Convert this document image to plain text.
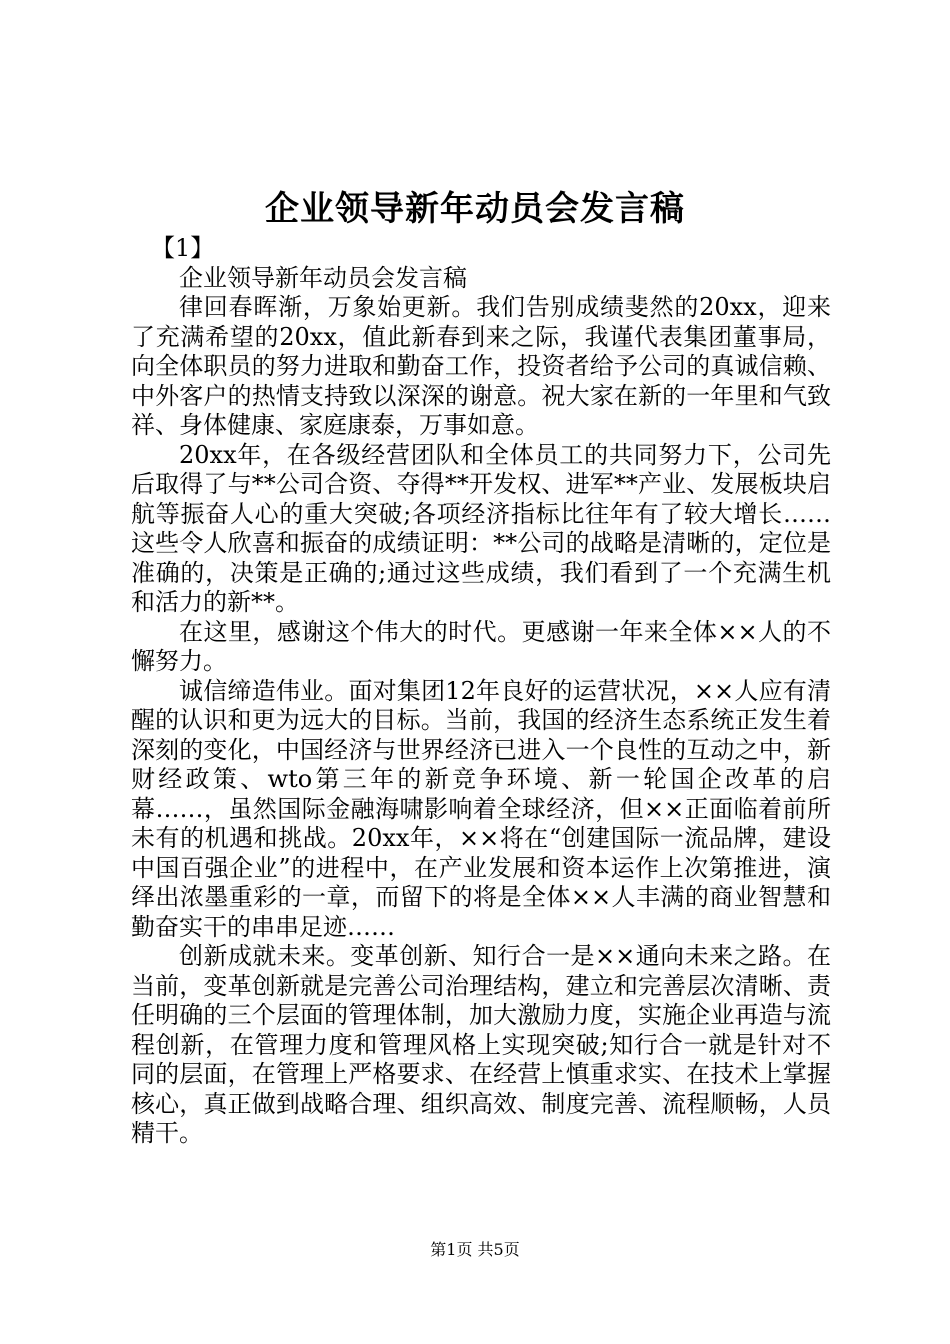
企业领导新年动员会发言稿

【1】

企业领导新年动员会发言稿

律回春晖渐，万象始更新。我们告别成绩斐然的20xx，迎来了充满希望的20xx，值此新春到来之际，我谨代表集团董事局，向全体职员的努力进取和勤奋工作，投资者给予公司的真诚信赖、中外客户的热情支持致以深深的谢意。祝大家在新的一年里和气致祥、身体健康、家庭康泰，万事如意。

20xx年，在各级经营团队和全体员工的共同努力下，公司先后取得了与**公司合资、夺得**开发权、进军**产业、发展板块启航等振奋人心的重大突破;各项经济指标比往年有了较大增长……这些令人欣喜和振奋的成绩证明：**公司的战略是清晰的，定位是准确的，决策是正确的;通过这些成绩，我们看到了一个充满生机和活力的新**。

在这里，感谢这个伟大的时代。更感谢一年来全体××人的不懈努力。

诚信缔造伟业。面对集团12年良好的运营状况，××人应有清醒的认识和更为远大的目标。当前，我国的经济生态系统正发生着深刻的变化，中国经济与世界经济已进入一个良性的互动之中，新财经政策、wto第三年的新竞争环境、新一轮国企改革的启幕……，虽然国际金融海啸影响着全球经济，但××正面临着前所未有的机遇和挑战。20xx年，××将在“创建国际一流品牌，建设中国百强企业”的进程中，在产业发展和资本运作上次第推进，演绎出浓墨重彩的一章，而留下的将是全体××人丰满的商业智慧和勤奋实干的串串足迹……

创新成就未来。变革创新、知行合一是××通向未来之路。在当前，变革创新就是完善公司治理结构，建立和完善层次清晰、责任明确的三个层面的管理体制，加大激励力度，实施企业再造与流程创新，在管理力度和管理风格上实现突破;知行合一就是针对不同的层面，在管理上严格要求、在经营上慎重求实、在技术上掌握核心，真正做到战略合理、组织高效、制度完善、流程顺畅，人员精干。

第1页 共5页
